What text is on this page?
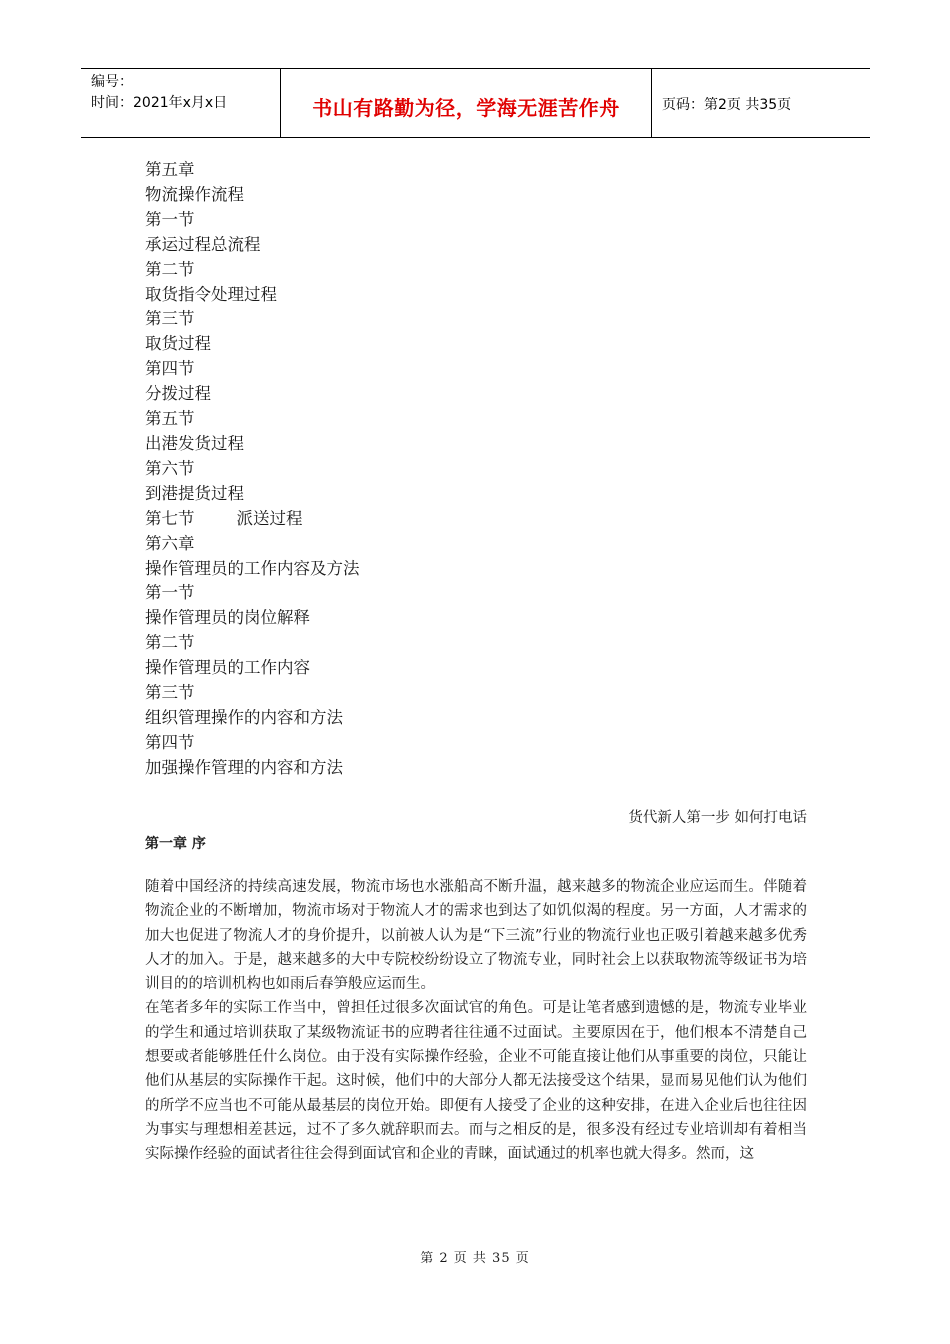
编号：
时间：2021年x月x日	书山有路勤为径，学海无涯苦作舟	页码：第2页 共35页
第五章
物流操作流程
第一节
承运过程总流程
第二节
取货指令处理过程
第三节
取货过程
第四节
分拨过程
第五节
出港发货过程
第六节
到港提货过程
第七节        派送过程
第六章
操作管理员的工作内容及方法
第一节
操作管理员的岗位解释
第二节
操作管理员的工作内容
第三节
组织管理操作的内容和方法
第四节
加强操作管理的内容和方法
货代新人第一步 如何打电话
第一章 序

随着中国经济的持续高速发展，物流市场也水涨船高不断升温，越来越多的物流企业应运而生。伴随着物流企业的不断增加，物流市场对于物流人才的需求也到达了如饥似渴的程度。另一方面，人才需求的加大也促进了物流人才的身价提升，以前被人认为是“下三流”行业的物流行业也正吸引着越来越多优秀人才的加入。于是，越来越多的大中专院校纷纷设立了物流专业，同时社会上以获取物流等级证书为培训目的的培训机构也如雨后春笋般应运而生。

在笔者多年的实际工作当中，曾担任过很多次面试官的角色。可是让笔者感到遗憾的是，物流专业毕业的学生和通过培训获取了某级物流证书的应聘者往往通不过面试。主要原因在于，他们根本不清楚自己想要或者能够胜任什么岗位。由于没有实际操作经验，企业不可能直接让他们从事重要的岗位，只能让他们从基层的实际操作干起。这时候，他们中的大部分人都无法接受这个结果，显而易见他们认为他们的所学不应当也不可能从最基层的岗位开始。即便有人接受了企业的这种安排，在进入企业后也往往因为事实与理想相差甚远，过不了多久就辞职而去。而与之相反的是，很多没有经过专业培训却有着相当实际操作经验的面试者往往会得到面试官和企业的青睐，面试通过的机率也就大得多。然而，这

第 2 页 共 35 页
